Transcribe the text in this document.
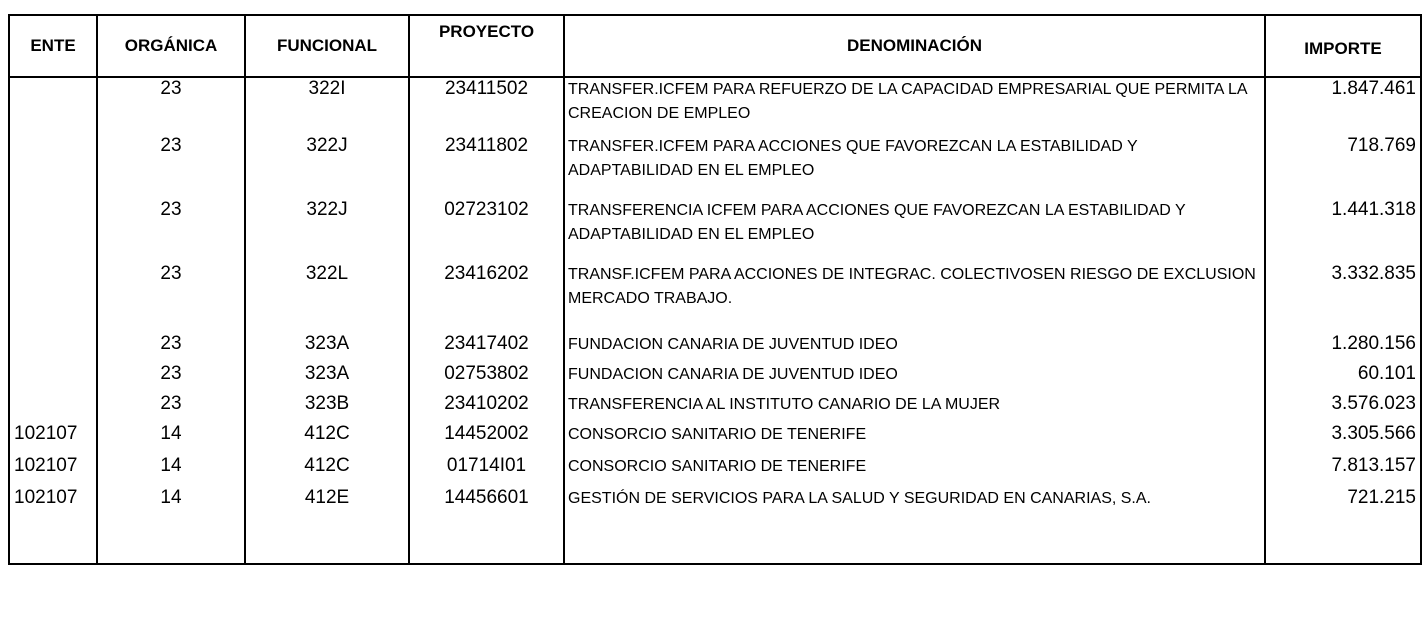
ENTE	ORGÁNICA	FUNCIONAL	PROYECTO	DENOMINACIÓN	IMPORTE
	23	322I	23411502	TRANSFER.ICFEM PARA REFUERZO DE LA CAPACIDAD EMPRESARIAL QUE PERMITA LA CREACION DE EMPLEO	1.847.461
	23	322J	23411802	TRANSFER.ICFEM PARA ACCIONES QUE FAVOREZCAN LA ESTABILIDAD Y ADAPTABILIDAD EN EL EMPLEO	718.769
	23	322J	02723102	TRANSFERENCIA ICFEM PARA ACCIONES QUE FAVOREZCAN LA ESTABILIDAD Y ADAPTABILIDAD EN EL EMPLEO	1.441.318
	23	322L	23416202	TRANSF.ICFEM PARA ACCIONES DE INTEGRAC. COLECTIVOSEN RIESGO DE EXCLUSION MERCADO TRABAJO.	3.332.835
	23	323A	23417402	FUNDACION CANARIA DE JUVENTUD IDEO	1.280.156
	23	323A	02753802	FUNDACION CANARIA DE JUVENTUD IDEO	60.101
	23	323B	23410202	TRANSFERENCIA AL INSTITUTO CANARIO DE LA MUJER	3.576.023
102107	14	412C	14452002	CONSORCIO SANITARIO DE TENERIFE	3.305.566
102107	14	412C	01714I01	CONSORCIO SANITARIO DE TENERIFE	7.813.157
102107	14	412E	14456601	GESTIÓN DE SERVICIOS PARA LA SALUD Y SEGURIDAD EN CANARIAS, S.A.	721.215
